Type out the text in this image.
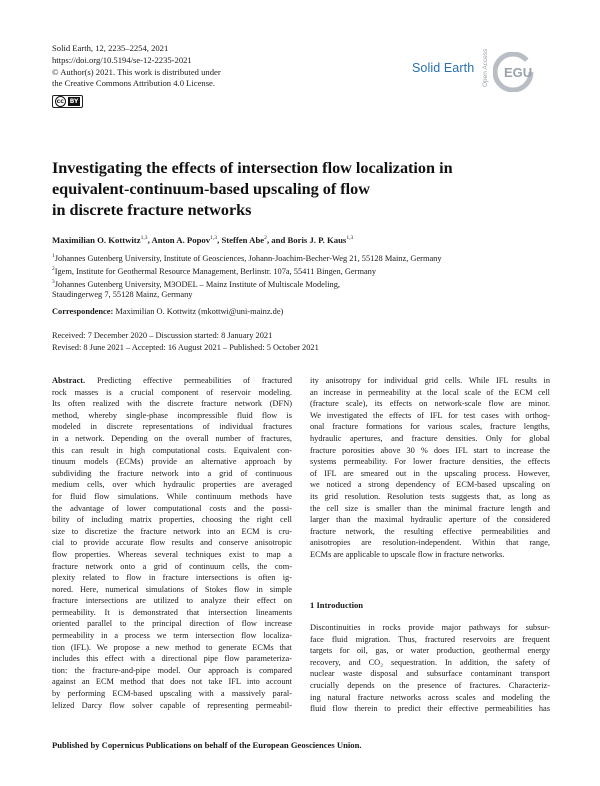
Solid Earth, 12, 2235–2254, 2021
https://doi.org/10.5194/se-12-2235-2021
© Author(s) 2021. This work is distributed under
the Creative Commons Attribution 4.0 License.
cc BY
Solid Earth Open Access EGU
Investigating the effects of intersection flow localization in
equivalent-continuum-based upscaling of flow
in discrete fracture networks
Maximilian O. Kottwitz$^{1,3}$, Anton A. Popov$^{1,3}$, Steffen Abe$^2$, and Boris J. P. Kaus$^{1,3}$
$^1$Johannes Gutenberg University, Institute of Geosciences, Johann-Joachim-Becher-Weg 21, 55128 Mainz, Germany
$^2$Igem, Institute for Geothermal Resource Management, Berlinstr. 107a, 55411 Bingen, Germany
$^3$Johannes Gutenberg University, M3ODEL – Mainz Institute of Multiscale Modeling,
Staudingerweg 7, 55128 Mainz, Germany
Correspondence: Maximilian O. Kottwitz (mkottwi@uni-mainz.de)
Received: 7 December 2020 – Discussion started: 8 January 2021
Revised: 8 June 2021 – Accepted: 16 August 2021 – Published: 5 October 2021
Abstract. Predicting effective permeabilities of fractured
rock masses is a crucial component of reservoir modeling.
Its often realized with the discrete fracture network (DFN)
method, whereby single-phase incompressible fluid flow is
modeled in discrete representations of individual fractures
in a network. Depending on the overall number of fractures,
this can result in high computational costs. Equivalent con-
tinuum models (ECMs) provide an alternative approach by
subdividing the fracture network into a grid of continuous
medium cells, over which hydraulic properties are averaged
for fluid flow simulations. While continuum methods have
the advantage of lower computational costs and the possi-
bility of including matrix properties, choosing the right cell
size to discretize the fracture network into an ECM is cru-
cial to provide accurate flow results and conserve anisotropic
flow properties. Whereas several techniques exist to map a
fracture network onto a grid of continuum cells, the com-
plexity related to flow in fracture intersections is often ig-
nored. Here, numerical simulations of Stokes flow in simple
fracture intersections are utilized to analyze their effect on
permeability. It is demonstrated that intersection lineaments
oriented parallel to the principal direction of flow increase
permeability in a process we term intersection flow localiza-
tion (IFL). We propose a new method to generate ECMs that
includes this effect with a directional pipe flow parameteriza-
tion: the fracture-and-pipe model. Our approach is compared
against an ECM method that does not take IFL into account
by performing ECM-based upscaling with a massively paral-
lelized Darcy flow solver capable of representing permeabil-
ity anisotropy for individual grid cells. While IFL results in
an increase in permeability at the local scale of the ECM cell
(fracture scale), its effects on network-scale flow are minor.
We investigated the effects of IFL for test cases with orthog-
onal fracture formations for various scales, fracture lengths,
hydraulic apertures, and fracture densities. Only for global
fracture porosities above 30 % does IFL start to increase the
systems permeability. For lower fracture densities, the effects
of IFL are smeared out in the upscaling process. However,
we noticed a strong dependency of ECM-based upscaling on
its grid resolution. Resolution tests suggests that, as long as
the cell size is smaller than the minimal fracture length and
larger than the maximal hydraulic aperture of the considered
fracture network, the resulting effective permeabilities and
anisotropies are resolution-independent. Within that range,
ECMs are applicable to upscale flow in fracture networks.
1 Introduction
Discontinuities in rocks provide major pathways for subsur-
face fluid migration. Thus, fractured reservoirs are frequent
targets for oil, gas, or water production, geothermal energy
recovery, and CO₂ sequestration. In addition, the safety of
nuclear waste disposal and subsurface contaminant transport
crucially depends on the presence of fractures. Characteriz-
ing natural fracture networks across scales and modeling the
fluid flow therein to predict their effective permeabilities has
Published by Copernicus Publications on behalf of the European Geosciences Union.
